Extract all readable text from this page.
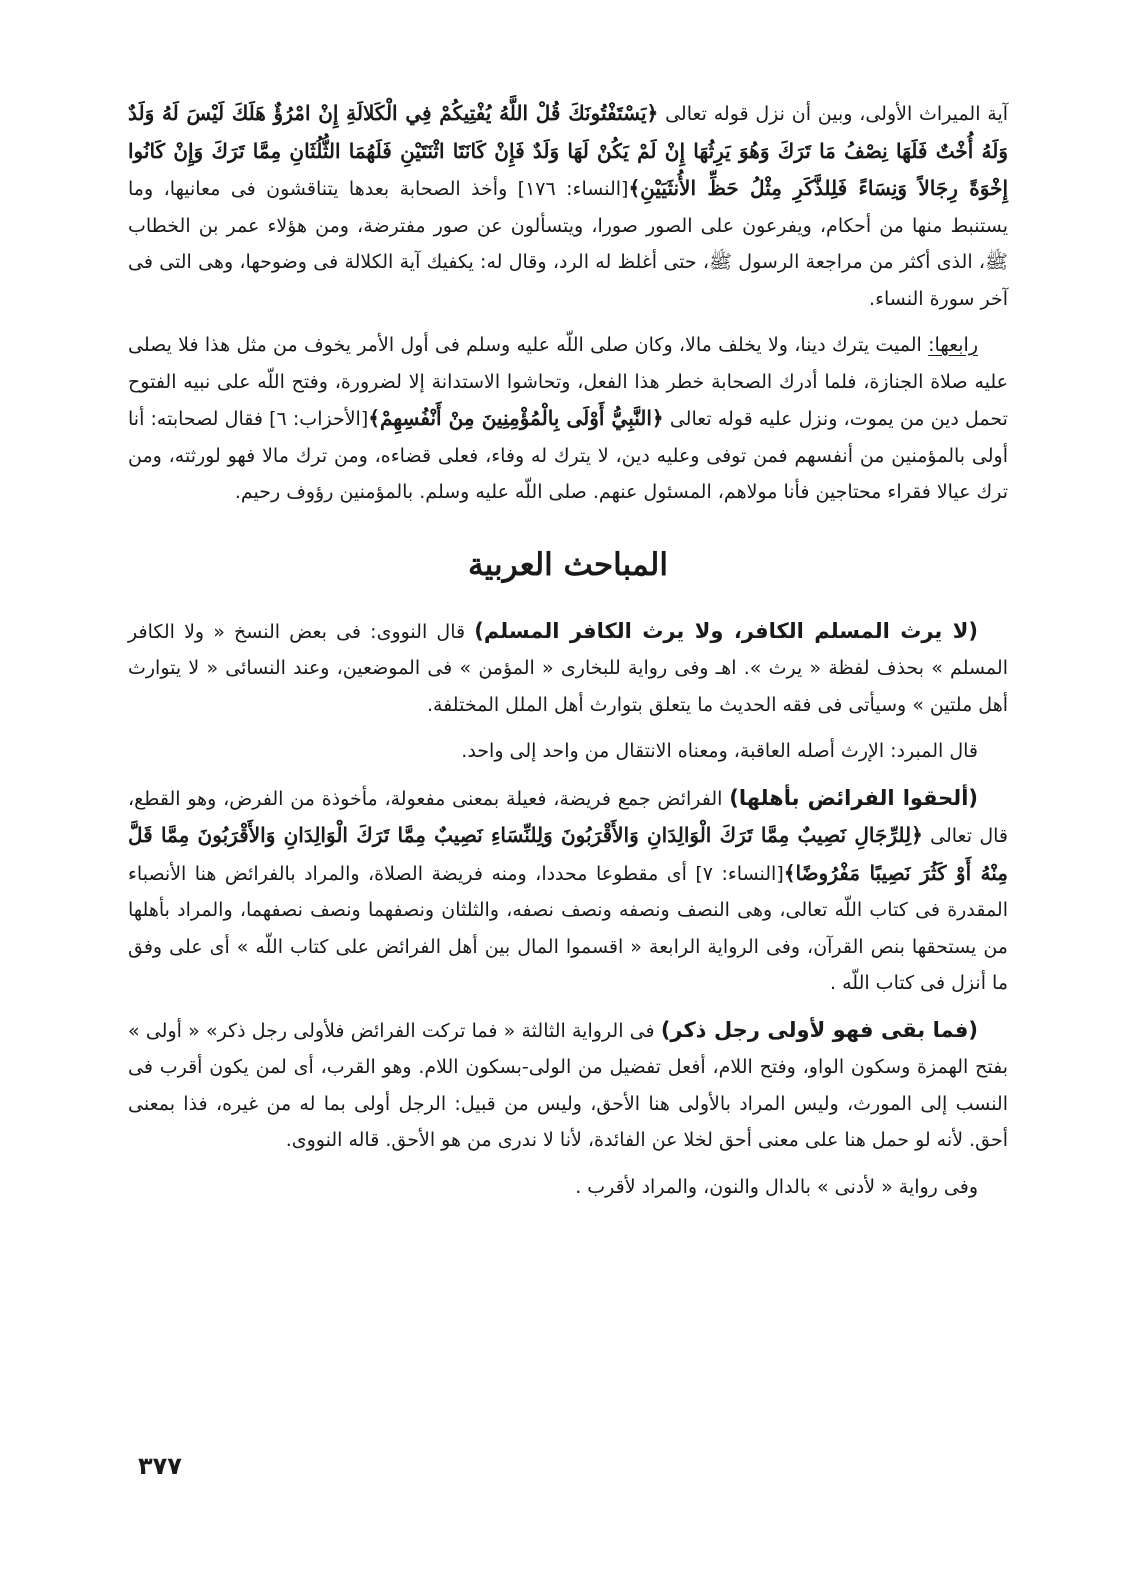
آية الميراث الأولى، وبين أن نزل قوله تعالى ﴿يَسْتَفْتُونَكَ قُلْ اللَّهُ يُفْتِيكُمْ فِي الْكَلالَةِ إِنْ امْرُؤٌ هَلَكَ لَيْسَ لَهُ وَلَدٌ وَلَهُ أُخْتٌ فَلَهَا نِصْفُ مَا تَرَكَ وَهُوَ يَرِثُهَا إِنْ لَمْ يَكُنْ لَهَا وَلَدٌ فَإِنْ كَانَتَا اثْنَتَيْنِ فَلَهُمَا الثُّلُثَانِ مِمَّا تَرَكَ وَإِنْ كَانُوا إِخْوَةً رِجَالاً وَنِسَاءً فَلِلذَّكَرِ مِثْلُ حَظِّ الأُنثَيَيْنِ﴾[النساء: ١٧٦] وأخذ الصحابة بعدها يتناقشون فى معانيها، وما يستنبط منها من أحكام، ويفرعون على الصور صورا، ويتسألون عن صور مفترضة، ومن هؤلاء عمر بن الخطاب ﷺ، الذى أكثر من مراجعة الرسول ﷺ، حتى أغلظ له الرد، وقال له: يكفيك آية الكلالة فى وضوحها، وهى التى فى آخر سورة النساء.

رابعها: الميت يترك دينا، ولا يخلف مالا، وكان صلى اللّه عليه وسلم فى أول الأمر يخوف من مثل هذا فلا يصلى عليه صلاة الجنازة، فلما أدرك الصحابة خطر هذا الفعل، وتحاشوا الاستدانة إلا لضرورة، وفتح اللّه على نبيه الفتوح تحمل دين من يموت، ونزل عليه قوله تعالى ﴿النَّبِيُّ أَوْلَى بِالْمُؤْمِنِينَ مِنْ أَنْفُسِهِمْ﴾[الأحزاب: ٦] فقال لصحابته: أنا أولى بالمؤمنين من أنفسهم فمن توفى وعليه دين، لا يترك له وفاء، فعلى قضاءه، ومن ترك مالا فهو لورثته، ومن ترك عيالا فقراء محتاجين فأنا مولاهم، المسئول عنهم. صلى اللّه عليه وسلم. بالمؤمنين رؤوف رحيم.

المباحث العربية

(لا يرث المسلم الكافر، ولا يرث الكافر المسلم) قال النووى: فى بعض النسخ « ولا الكافر المسلم » بحذف لفظة « يرث ». اهـ وفى رواية للبخارى « المؤمن » فى الموضعين، وعند النسائى « لا يتوارث أهل ملتين » وسيأتى فى فقه الحديث ما يتعلق بتوارث أهل الملل المختلفة.

قال المبرد: الإرث أصله العاقبة، ومعناه الانتقال من واحد إلى واحد.

(ألحقوا الفرائض بأهلها) الفرائض جمع فريضة، فعيلة بمعنى مفعولة، مأخوذة من الفرض، وهو القطع، قال تعالى ﴿لِلرِّجَالِ نَصِيبٌ مِمَّا تَرَكَ الْوَالِدَانِ وَالأَقْرَبُونَ وَلِلنِّسَاءِ نَصِيبٌ مِمَّا تَرَكَ الْوَالِدَانِ وَالأَقْرَبُونَ مِمَّا قَلَّ مِنْهُ أَوْ كَثُرَ نَصِيبًا مَفْرُوضًا﴾[النساء: ٧] أى مقطوعا محددا، ومنه فريضة الصلاة، والمراد بالفرائض هنا الأنصباء المقدرة فى كتاب اللّه تعالى، وهى النصف ونصفه ونصف نصفه، والثلثان ونصفهما ونصف نصفهما، والمراد بأهلها من يستحقها بنص القرآن، وفى الرواية الرابعة « اقسموا المال بين أهل الفرائض على كتاب اللّه » أى على وفق ما أنزل فى كتاب اللّه .

(فما بقى فهو لأولى رجل ذكر) فى الرواية الثالثة « فما تركت الفرائض فلأولى رجل ذكر» « أولى » بفتح الهمزة وسكون الواو، وفتح اللام، أفعل تفضيل من الولى-بسكون اللام. وهو القرب، أى لمن يكون أقرب فى النسب إلى المورث، وليس المراد بالأولى هنا الأحق، وليس من قبيل: الرجل أولى بما له من غيره، فذا بمعنى أحق. لأنه لو حمل هنا على معنى أحق لخلا عن الفائدة، لأنا لا ندرى من هو الأحق. قاله النووى.

وفى رواية « لأدنى » بالدال والنون، والمراد لأقرب .

٣٧٧
